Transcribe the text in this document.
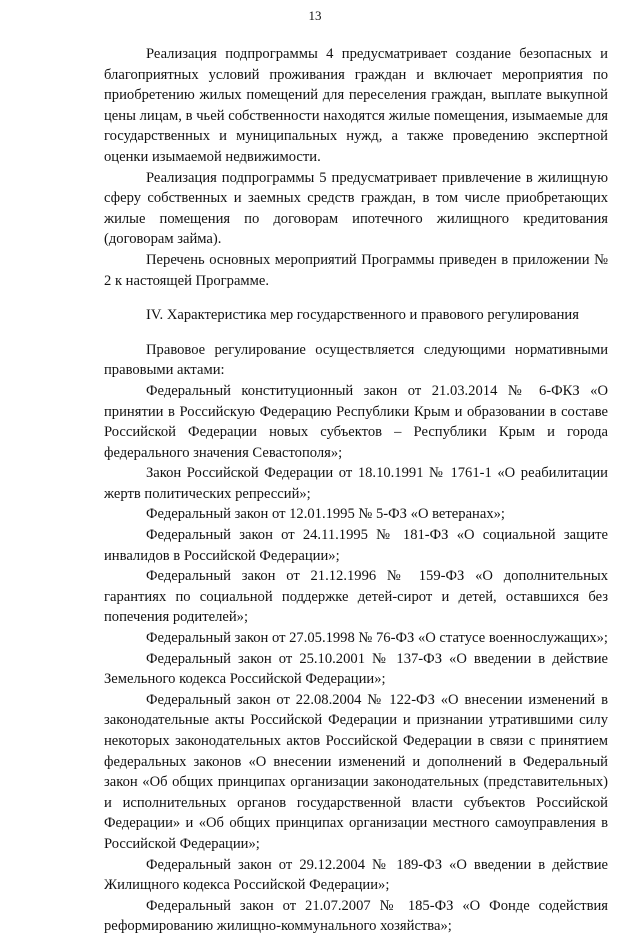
13

Реализация подпрограммы 4 предусматривает создание безопасных и благоприятных условий проживания граждан и включает мероприятия по приобретению жилых помещений для переселения граждан, выплате выкупной цены лицам, в чьей собственности находятся жилые помещения, изымаемые для государственных и муниципальных нужд, а также проведению экспертной оценки изымаемой недвижимости.

Реализация подпрограммы 5 предусматривает привлечение в жилищную сферу собственных и заемных средств граждан, в том числе приобретающих жилые помещения по договорам ипотечного жилищного кредитования (договорам займа).

Перечень основных мероприятий Программы приведен в приложении № 2 к настоящей Программе.

IV. Характеристика мер государственного и правового регулирования

Правовое регулирование осуществляется следующими нормативными правовыми актами:

Федеральный конституционный закон от 21.03.2014 № 6-ФКЗ «О принятии в Российскую Федерацию Республики Крым и образовании в составе Российской Федерации новых субъектов – Республики Крым и города федерального значения Севастополя»;

Закон Российской Федерации от 18.10.1991 № 1761-1 «О реабилитации жертв политических репрессий»;

Федеральный закон от 12.01.1995 № 5-ФЗ «О ветеранах»;

Федеральный закон от 24.11.1995 № 181-ФЗ «О социальной защите инвалидов в Российской Федерации»;

Федеральный закон от 21.12.1996 № 159-ФЗ «О дополнительных гарантиях по социальной поддержке детей-сирот и детей, оставшихся без попечения родителей»;

Федеральный закон от 27.05.1998 № 76-ФЗ «О статусе военнослужащих»;

Федеральный закон от 25.10.2001 № 137-ФЗ «О введении в действие Земельного кодекса Российской Федерации»;

Федеральный закон от 22.08.2004 № 122-ФЗ «О внесении изменений в законодательные акты Российской Федерации и признании утратившими силу некоторых законодательных актов Российской Федерации в связи с принятием федеральных законов «О внесении изменений и дополнений в Федеральный закон «Об общих принципах организации законодательных (представительных) и исполнительных органов государственной власти субъектов Российской Федерации» и «Об общих принципах организации местного самоуправления в Российской Федерации»;

Федеральный закон от 29.12.2004 № 189-ФЗ «О введении в действие Жилищного кодекса Российской Федерации»;

Федеральный закон от 21.07.2007 № 185-ФЗ «О Фонде содействия реформированию жилищно-коммунального хозяйства»;
